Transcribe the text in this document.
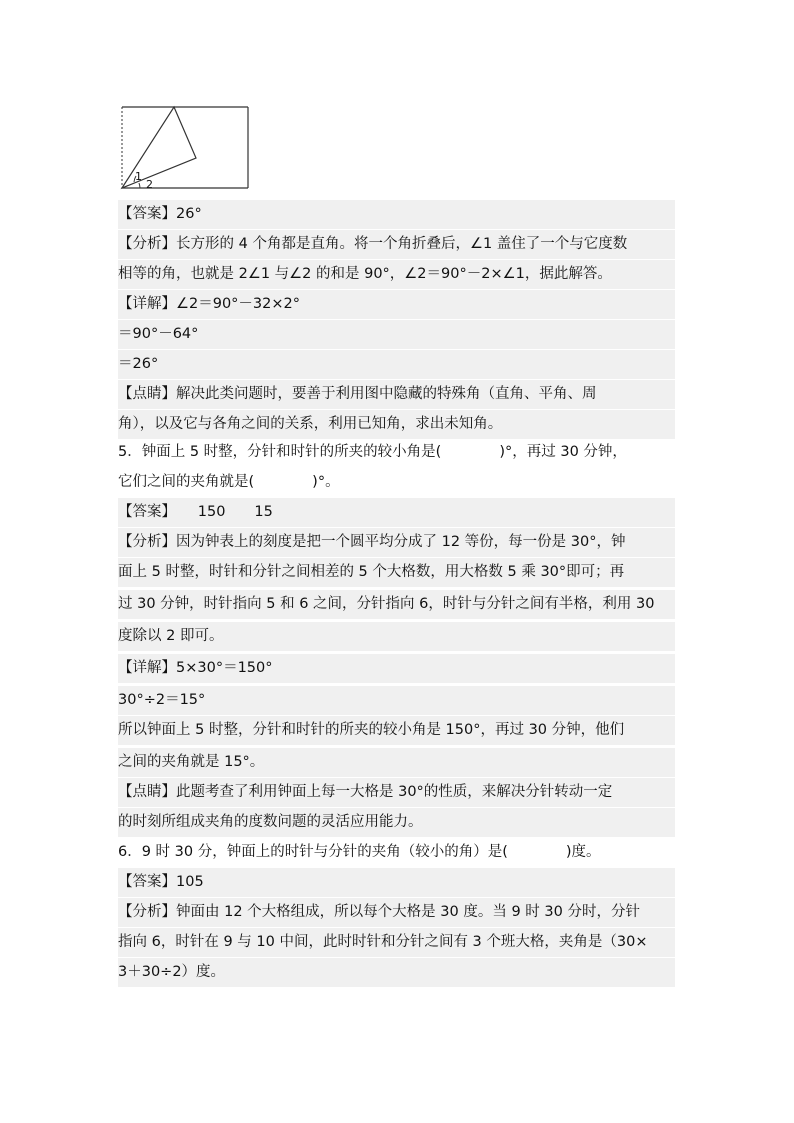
1
2
【答案】26°
【分析】长方形的 4 个角都是直角。将一个角折叠后，∠1 盖住了一个与它度数
相等的角，也就是 2∠1 与∠2 的和是 90°，∠2＝90°－2×∠1，据此解答。
【详解】∠2＝90°－32×2°
＝90°－64°
＝26°
【点睛】解决此类问题时，要善于利用图中隐藏的特殊角（直角、平角、周
角），以及它与各角之间的关系，利用已知角，求出未知角。
5．钟面上 5 时整，分针和时针的所夹的较小角是(　　　　)°，再过 30 分钟，
它们之间的夹角就是(　　　　)°。
【答案】　　150　　15
【分析】因为钟表上的刻度是把一个圆平均分成了 12 等份，每一份是 30°，钟
面上 5 时整，时针和分针之间相差的 5 个大格数，用大格数 5 乘 30°即可；再
过 30 分钟，时针指向 5 和 6 之间，分针指向 6，时针与分针之间有半格，利用 30
度除以 2 即可。
【详解】5×30°＝150°
30°÷2＝15°
所以钟面上 5 时整，分针和时针的所夹的较小角是 150°，再过 30 分钟，他们
之间的夹角就是 15°。
【点睛】此题考查了利用钟面上每一大格是 30°的性质，来解决分针转动一定
的时刻所组成夹角的度数问题的灵活应用能力。
6．9 时 30 分，钟面上的时针与分针的夹角（较小的角）是(　　　　)度。
【答案】105
【分析】钟面由 12 个大格组成，所以每个大格是 30 度。当 9 时 30 分时，分针
指向 6，时针在 9 与 10 中间，此时时针和分针之间有 3 个班大格，夹角是（30×
3＋30÷2）度。
